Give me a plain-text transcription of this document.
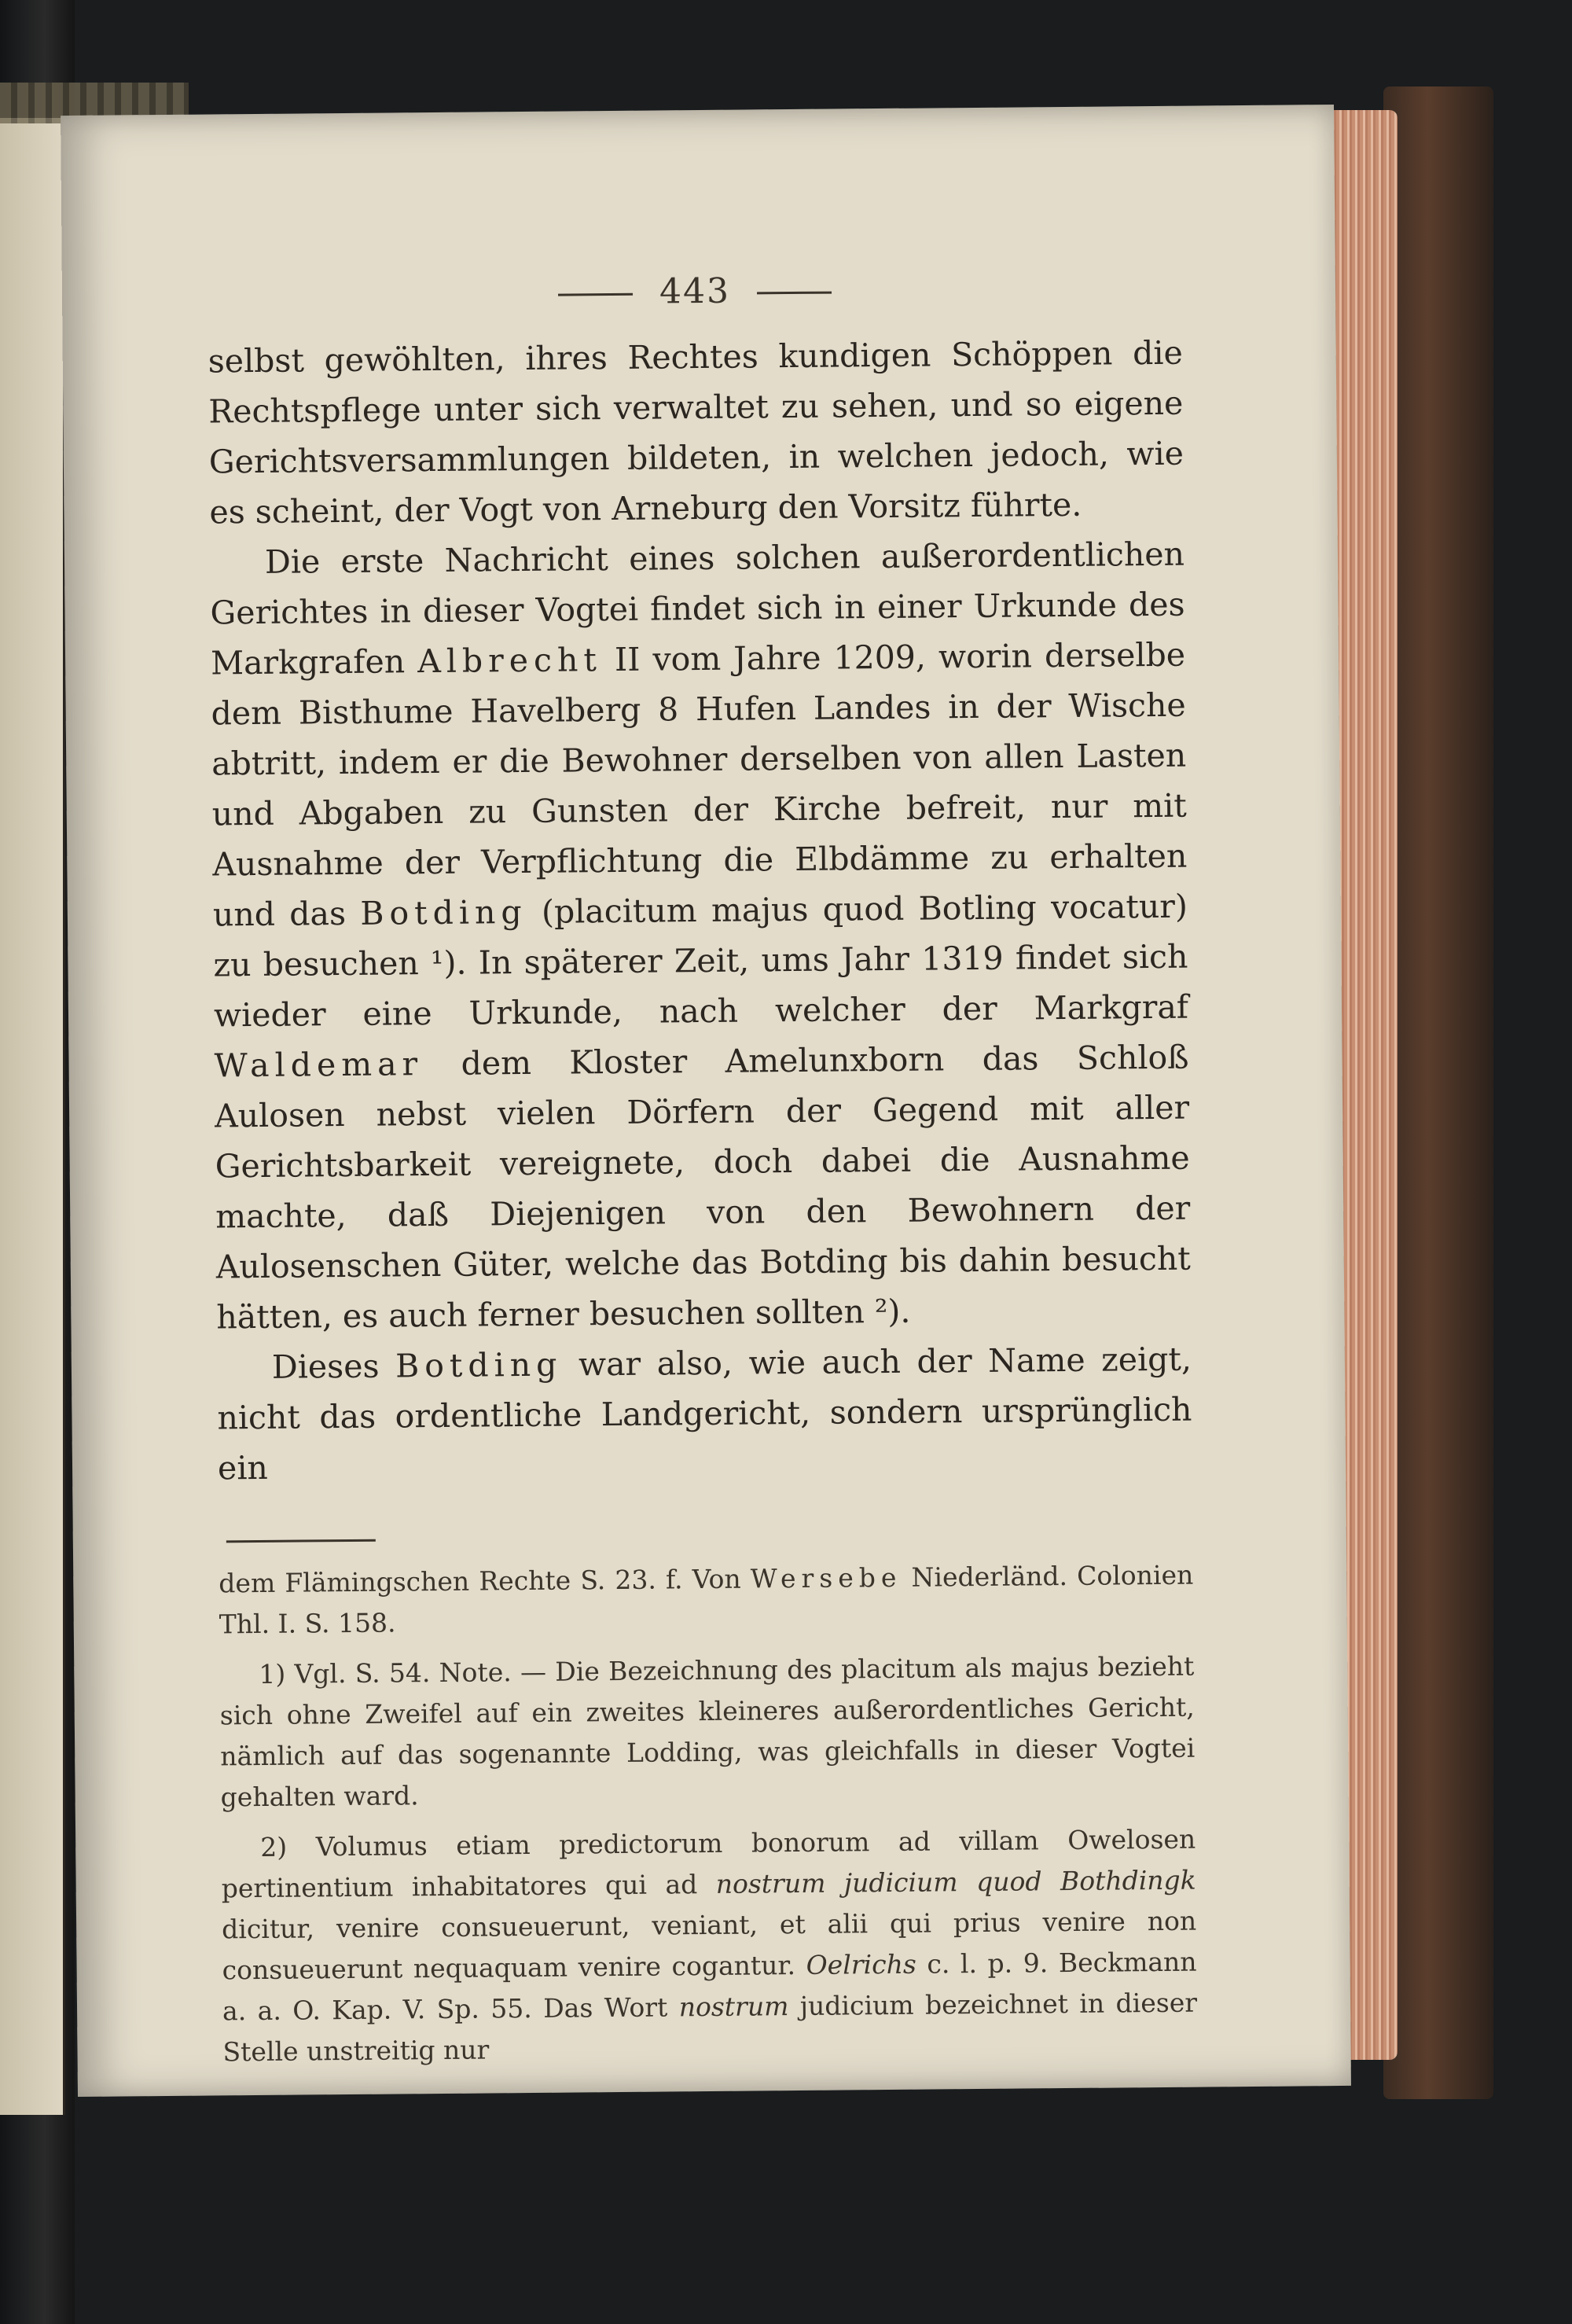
443

selbst gewöhlten, ihres Rechtes kundigen Schöppen die Rechtspflege unter sich verwaltet zu sehen, und so eigene Gerichtsversammlungen bildeten, in welchen jedoch, wie es scheint, der Vogt von Arneburg den Vorsitz führte.

Die erste Nachricht eines solchen außerordentlichen Gerichtes in dieser Vogtei findet sich in einer Urkunde des Markgrafen Albrecht II vom Jahre 1209, worin derselbe dem Bisthume Havelberg 8 Hufen Landes in der Wische abtritt, indem er die Bewohner derselben von allen Lasten und Abgaben zu Gunsten der Kirche befreit, nur mit Ausnahme der Verpflichtung die Elbdämme zu erhalten und das Botding (placitum majus quod Botling vocatur) zu besuchen ¹). In späterer Zeit, ums Jahr 1319 findet sich wieder eine Urkunde, nach welcher der Markgraf Waldemar dem Kloster Amelunxborn das Schloß Aulosen nebst vielen Dörfern der Gegend mit aller Gerichtsbarkeit vereignete, doch dabei die Ausnahme machte, daß Diejenigen von den Bewohnern der Aulosenschen Güter, welche das Botding bis dahin besucht hätten, es auch ferner besuchen sollten ²).

Dieses Botding war also, wie auch der Name zeigt, nicht das ordentliche Landgericht, sondern ursprünglich ein

dem Flämingschen Rechte S. 23. f. Von Wersebe Niederländ. Colonien Thl. I. S. 158.

1) Vgl. S. 54. Note. — Die Bezeichnung des placitum als majus bezieht sich ohne Zweifel auf ein zweites kleineres außerordentliches Gericht, nämlich auf das sogenannte Lodding, was gleichfalls in dieser Vogtei gehalten ward.

2) Volumus etiam predictorum bonorum ad villam Owelosen pertinentium inhabitatores qui ad nostrum judicium quod Bothdingk dicitur, venire consueuerunt, veniant, et alii qui prius venire non consueuerunt nequaquam venire cogantur. Oelrichs c. l. p. 9. Beckmann a. a. O. Kap. V. Sp. 55. Das Wort nostrum judicium bezeichnet in dieser Stelle unstreitig nur
